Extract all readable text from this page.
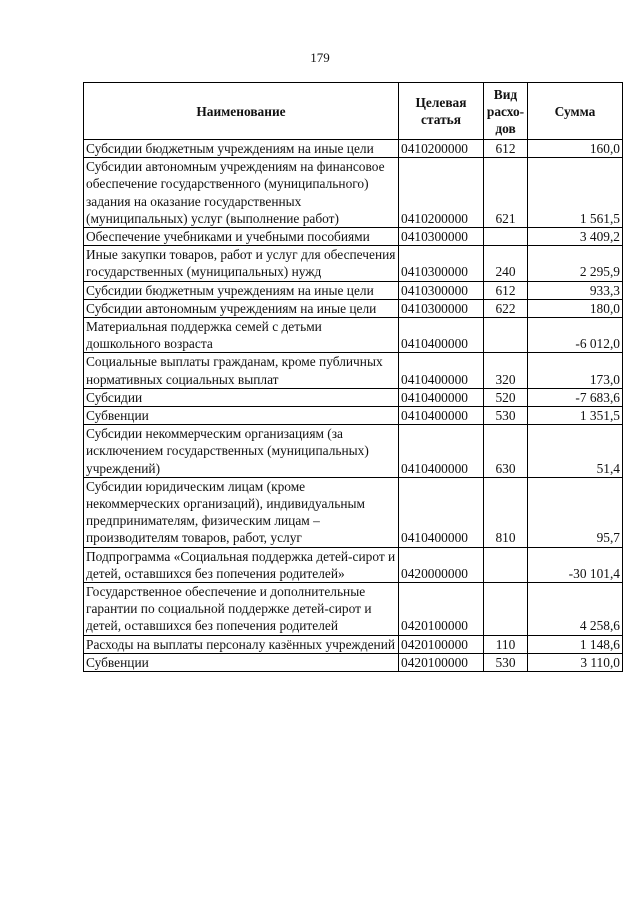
179
Наименование	Целевая статья	Вид расхо-дов	Сумма
Субсидии бюджетным учреждениям на иные цели	0410200000	612	160,0
Субсидии автономным учреждениям на финансовое обеспечение государственного (муниципального) задания на оказание государственных (муниципальных) услуг (выполнение работ)	0410200000	621	1 561,5
Обеспечение учебниками и учебными пособиями	0410300000		3 409,2
Иные закупки товаров, работ и услуг для обеспечения государственных (муниципальных) нужд	0410300000	240	2 295,9
Субсидии бюджетным учреждениям на иные цели	0410300000	612	933,3
Субсидии автономным учреждениям на иные цели	0410300000	622	180,0
Материальная поддержка семей с детьми дошкольного возраста	0410400000		-6 012,0
Социальные выплаты гражданам, кроме публичных нормативных социальных выплат	0410400000	320	173,0
Субсидии	0410400000	520	-7 683,6
Субвенции	0410400000	530	1 351,5
Субсидии некоммерческим организациям (за исключением государственных (муниципальных) учреждений)	0410400000	630	51,4
Субсидии юридическим лицам (кроме некоммерческих организаций), индивидуальным предпринимателям, физическим лицам – производителям товаров, работ, услуг	0410400000	810	95,7
Подпрограмма «Социальная поддержка детей-сирот и детей, оставшихся без попечения родителей»	0420000000		-30 101,4
Государственное обеспечение и дополнительные гарантии по социальной поддержке детей-сирот и детей, оставшихся без попечения родителей	0420100000		4 258,6
Расходы на выплаты персоналу казённых учреждений	0420100000	110	1 148,6
Субвенции	0420100000	530	3 110,0
